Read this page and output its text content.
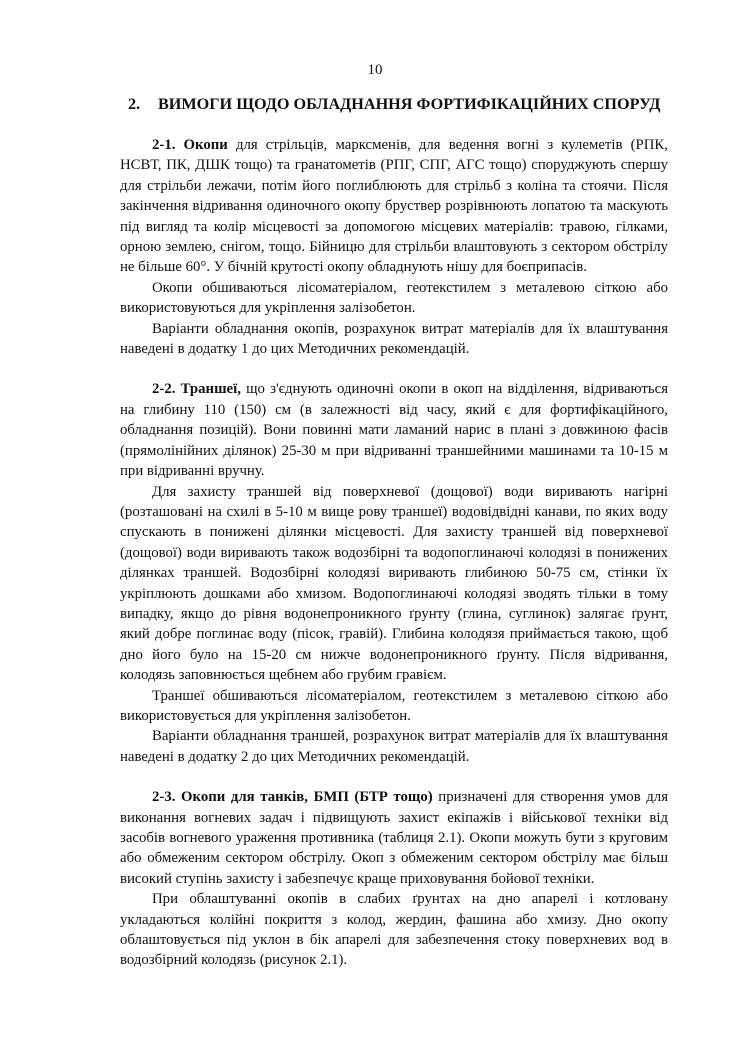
10
2. ВИМОГИ ЩОДО ОБЛАДНАННЯ ФОРТИФІКАЦІЙНИХ СПОРУД

2-1. Окопи для стрільців, марксменів, для ведення вогні з кулеметів (РПК, НСВТ, ПК, ДШК тощо) та гранатометів (РПГ, СПГ, АГС тощо) споруджують спершу для стрільби лежачи, потім його поглиблюють для стрільб з коліна та стоячи. Після закінчення відривання одиночного окопу бруствер розрівнюють лопатою та маскують під вигляд та колір місцевості за допомогою місцевих матеріалів: травою, гілками, орною землею, снігом, тощо. Бійницю для стрільби влаштовують з сектором обстрілу не більше 60°. У бічній крутості окопу обладнують нішу для боєприпасів.

Окопи обшиваються лісоматеріалом, геотекстилем з металевою сіткою або використовуються для укріплення залізобетон.

Варіанти обладнання окопів, розрахунок витрат матеріалів для їх влаштування наведені в додатку 1 до цих Методичних рекомендацій.

2-2. Траншеї, що з'єднують одиночні окопи в окоп на відділення, відриваються на глибину 110 (150) см (в залежності від часу, який є для фортифікаційного, обладнання позицій). Вони повинні мати ламаний нарис в плані з довжиною фасів (прямолінійних ділянок) 25-30 м при відриванні траншейними машинами та 10-15 м при відриванні вручну.

Для захисту траншей від поверхневої (дощової) води виривають нагірні (розташовані на схилі в 5-10 м вище рову траншеї) водовідвідні канави, по яких воду спускають в понижені ділянки місцевості. Для захисту траншей від поверхневої (дощової) води виривають також водозбірні та водопоглинаючі колодязі в понижених ділянках траншей. Водозбірні колодязі виривають глибиною 50-75 см, стінки їх укріплюють дошками або хмизом. Водопоглинаючі колодязі зводять тільки в тому випадку, якщо до рівня водонепроникного ґрунту (глина, суглинок) залягає ґрунт, який добре поглинає воду (пісок, гравій). Глибина колодязя приймається такою, щоб дно його було на 15-20 см нижче водонепроникного ґрунту. Після відривання, колодязь заповнюється щебнем або грубим гравієм.

Траншеї обшиваються лісоматеріалом, геотекстилем з металевою сіткою або використовується для укріплення залізобетон.

Варіанти обладнання траншей, розрахунок витрат матеріалів для їх влаштування наведені в додатку 2 до цих Методичних рекомендацій.

2-3. Окопи для танків, БМП (БТР тощо) призначені для створення умов для виконання вогневих задач і підвищують захист екіпажів і військової техніки від засобів вогневого ураження противника (таблиця 2.1). Окопи можуть бути з круговим або обмеженим сектором обстрілу. Окоп з обмеженим сектором обстрілу має більш високий ступінь захисту і забезпечує краще приховування бойової техніки.

При облаштуванні окопів в слабих ґрунтах на дно апарелі і котловану укладаються колійні покриття з колод, жердин, фашина або хмизу. Дно окопу облаштовується під уклон в бік апарелі для забезпечення стоку поверхневих вод в водозбірний колодязь (рисунок 2.1).
